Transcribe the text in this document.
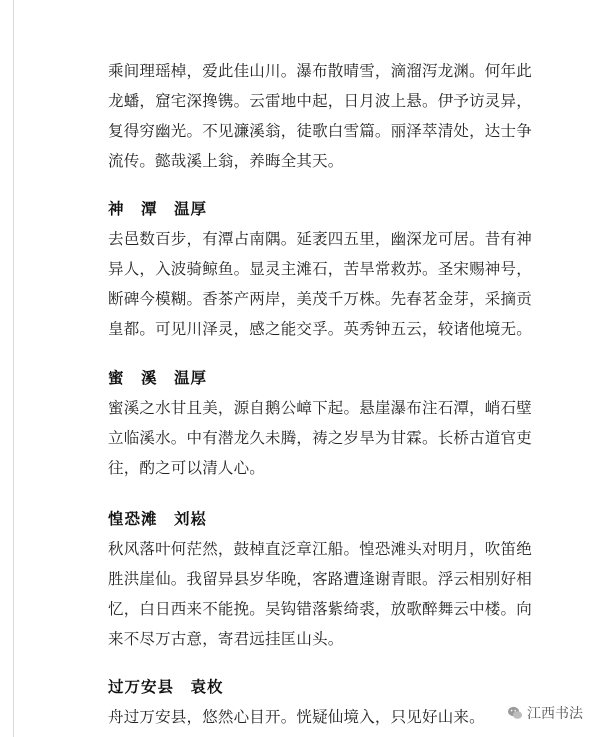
乘间理瑶棹，爱此佳山川。瀑布散晴雪，滴溜泻龙渊。何年此龙蟠，窟宅深搀镌。云雷地中起，日月波上悬。伊予访灵异，复得穷幽光。不见濂溪翁，徒歌白雪篇。丽泽萃清处，达士争流传。懿哉溪上翁，养晦全其天。

神　潭　温厚

去邑数百步，有潭占南隅。延袤四五里，幽深龙可居。昔有神异人，入波骑鲸鱼。显灵主滩石，苦旱常救苏。圣宋赐神号，断碑今模糊。香茶产两岸，美茂千万株。先春茗金芽，采摘贡皇都。可见川泽灵，感之能交孚。英秀钟五云，较诸他境无。

蜜　溪　温厚

蜜溪之水甘且美，源自鹅公嶂下起。悬崖瀑布注石潭，峭石壁立临溪水。中有潜龙久未腾，祷之岁旱为甘霖。长桥古道官吏往，酌之可以清人心。

惶恐滩　刘崧

秋风落叶何茫然，鼓棹直泛章江船。惶恐滩头对明月，吹笛绝胜洪崖仙。我留异县岁华晚，客路遭逢谢青眼。浮云相别好相忆，白日西来不能挽。吴钩错落紫绮裘，放歌醉舞云中楼。向来不尽万古意，寄君远挂匡山头。

过万安县　袁枚

舟过万安县，悠然心目开。恍疑仙境入，只见好山来。	江西书法
